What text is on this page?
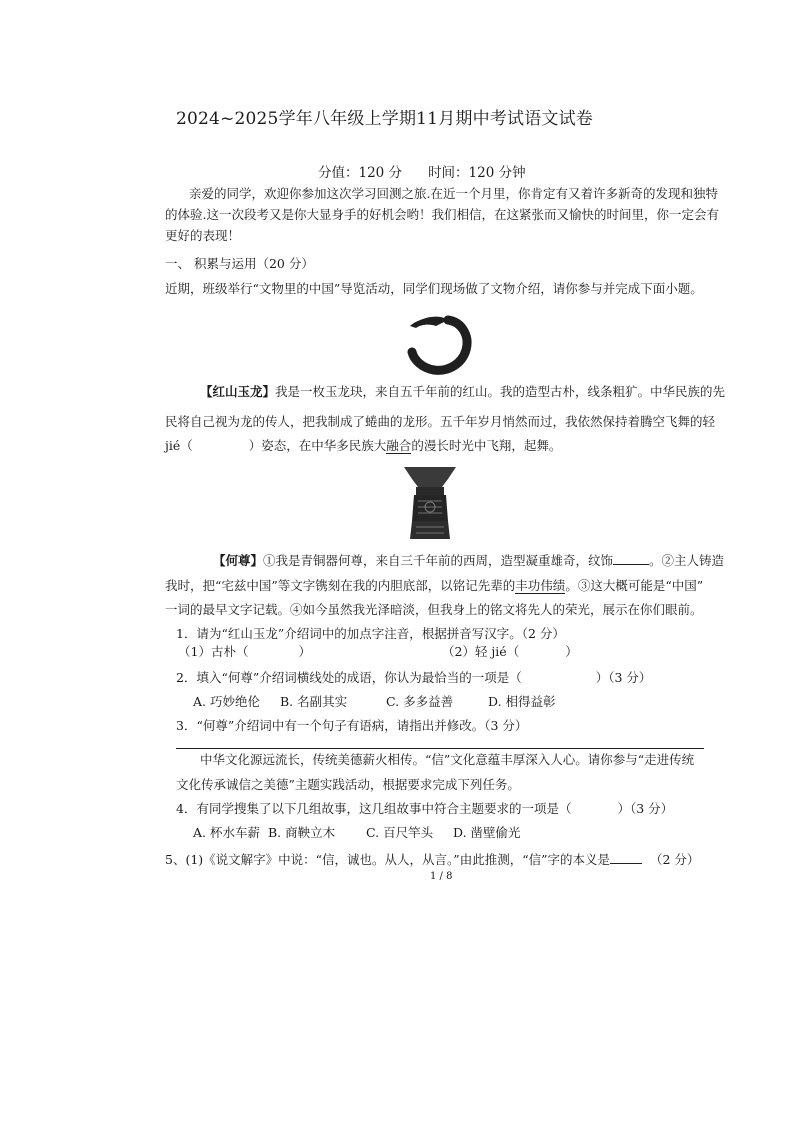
2024~2025学年八年级上学期11月期中考试语文试卷
分值：120 分 时间：120 分钟
亲爱的同学，欢迎你参加这次学习回测之旅.在近一个月里，你肯定有又着许多新奇的发现和独特的体验.这一次段考又是你大显身手的好机会哟！我们相信，在这紧张而又愉快的时间里，你一定会有更好的表现！
一、 积累与运用（20 分）
近期，班级举行“文物里的中国”导览活动，同学们现场做了文物介绍，请你参与并完成下面小题。
【红山玉龙】我是一枚玉龙玦，来自五千年前的红山。我的造型古朴，线条粗犷。中华民族的先
民将自己视为龙的传人，把我制成了蜷曲的龙形。五千年岁月悄然而过，我依然保持着腾空飞舞的轻
jié（	）姿态，在中华多民族大融合的漫长时光中飞翔，起舞。
【何尊】①我是青铜器何尊，来自三千年前的西周，造型凝重雄奇，纹饰	。②主人铸造
我时，把“宅兹中国”等文字镌刻在我的内胆底部，以铭记先辈的丰功伟绩。③这大概可能是“中国”
一词的最早文字记载。④如今虽然我光泽暗淡，但我身上的铭文将先人的荣光，展示在你们眼前。
1．请为“红山玉龙”介绍词中的加点字注音，根据拼音写汉字。（2 分）
（1）古朴（	）	（2）轻 jié（	）
2．填入“何尊”介绍词横线处的成语，你认为最恰当的一项是（	）（3 分）
A. 巧妙绝伦 B. 名副其实	C. 多多益善	D. 相得益彰
3．“何尊”介绍词中有一个句子有语病，请指出并修改。（3 分）
中华文化源远流长，传统美德薪火相传。“信”文化意蕴丰厚深入人心。请你参与“走进传统
文化传承诚信之美德”主题实践活动，根据要求完成下列任务。
4．有同学搜集了以下几组故事，这几组故事中符合主题要求的一项是（	）（3 分）
A. 杯水车薪 B. 商鞅立木 C. 百尺竿头 D. 凿壁偷光
5、(1)《说文解字》中说：“信，诚也。从人，从言。”由此推测，“信”字的本义是	（2 分）
1 / 8
